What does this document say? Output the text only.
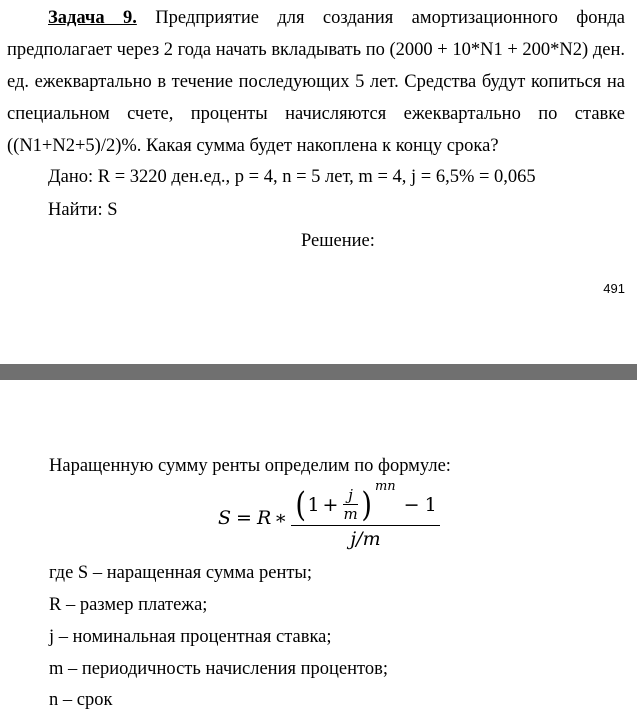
Задача 9. Предприятие для создания амортизационного фонда предполагает через 2 года начать вкладывать по (2000 + 10*N1 + 200*N2) ден. ед. ежеквартально в течение последующих 5 лет. Средства будут копиться на специальном счете, проценты начисляются ежеквартально по ставке ((N1+N2+5)/2)%. Какая сумма будет накоплена к концу срока?
Дано: R = 3220 ден.ед., p = 4, n = 5 лет, m = 4, j = 6,5% = 0,065
Найти: S
Решение:
491
Наращенную сумму ренты определим по формуле:
S = R ∗ ( $1 + \frac{j}{m}$ ) mn
− 1
j/m
где S – наращенная сумма ренты;
R – размер платежа;
j – номинальная процентная ставка;
m – периодичность начисления процентов;
n – срок
